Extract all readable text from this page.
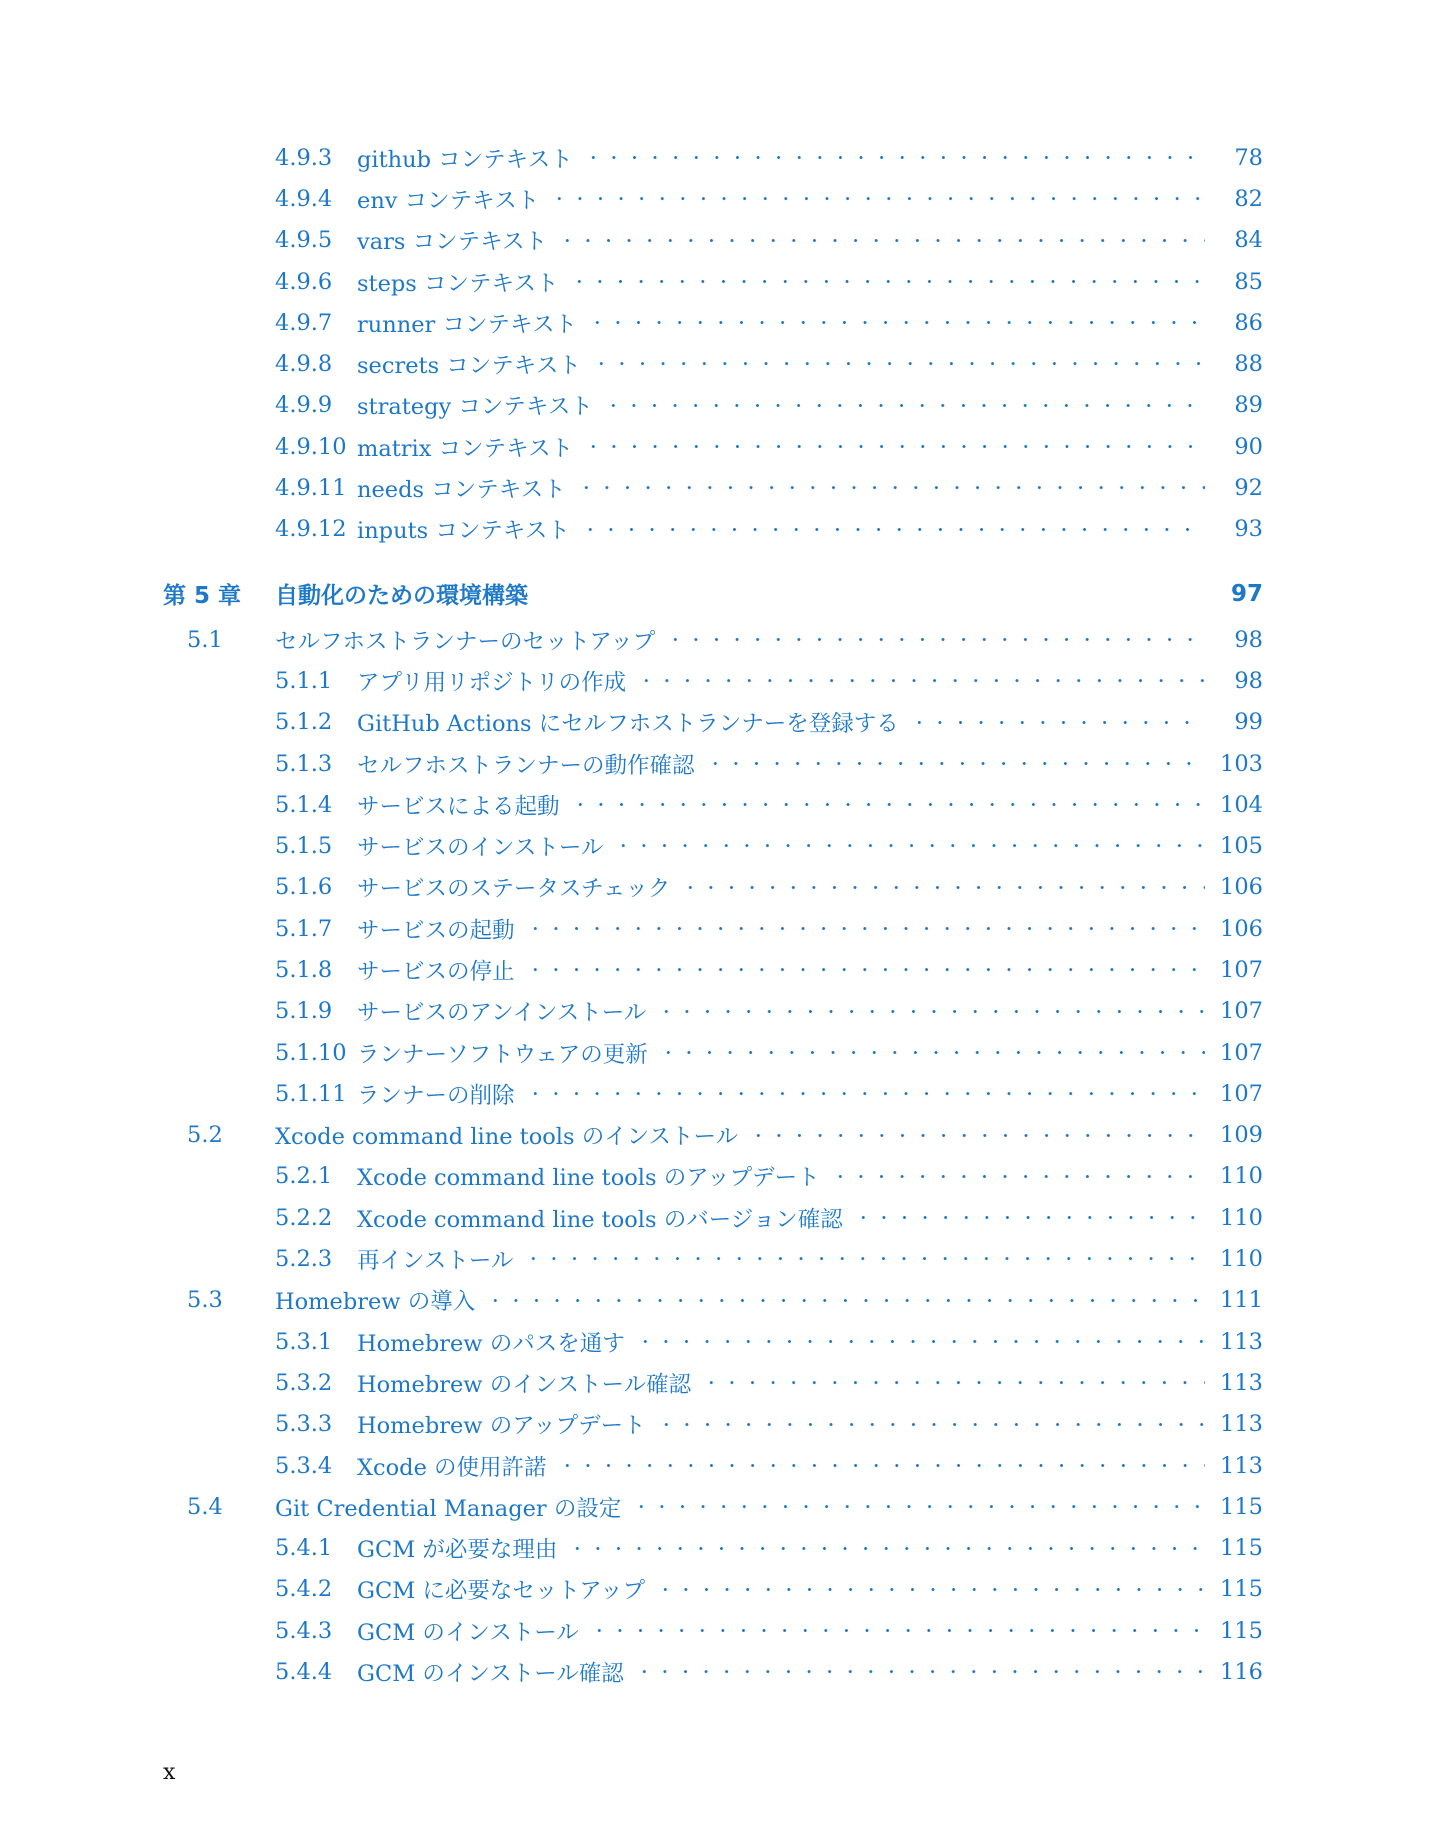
4.9.3	github コンテキスト	78
4.9.4	env コンテキスト	82
4.9.5	vars コンテキスト	84
4.9.6	steps コンテキスト	85
4.9.7	runner コンテキスト	86
4.9.8	secrets コンテキスト	88
4.9.9	strategy コンテキスト	89
4.9.10 matrix コンテキスト	90
4.9.11 needs コンテキスト	92
4.9.12 inputs コンテキスト	93
第 5 章	自動化のための環境構築	97
5.1	セルフホストランナーのセットアップ	98
5.1.1	アプリ用リポジトリの作成	98
5.1.2	GitHub Actions にセルフホストランナーを登録する	99
5.1.3	セルフホストランナーの動作確認	103
5.1.4	サービスによる起動	104
5.1.5	サービスのインストール	105
5.1.6	サービスのステータスチェック	106
5.1.7	サービスの起動	106
5.1.8	サービスの停止	107
5.1.9	サービスのアンインストール	107
5.1.10 ランナーソフトウェアの更新	107
5.1.11 ランナーの削除	107
5.2	Xcode command line tools のインストール	109
5.2.1	Xcode command line tools のアップデート	110
5.2.2	Xcode command line tools のバージョン確認	110
5.2.3	再インストール	110
5.3	Homebrew の導入	111
5.3.1	Homebrew のパスを通す	113
5.3.2	Homebrew のインストール確認	113
5.3.3	Homebrew のアップデート	113
5.3.4	Xcode の使用許諾	113
5.4	Git Credential Manager の設定	115
5.4.1	GCM が必要な理由	115
5.4.2	GCM に必要なセットアップ	115
5.4.3	GCM のインストール	115
5.4.4	GCM のインストール確認	116
x
